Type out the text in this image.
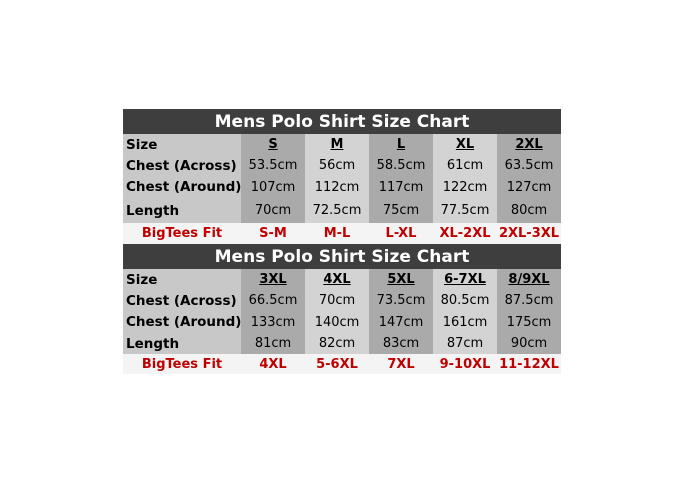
Mens Polo Shirt Size Chart					
Size	S	M	L	XL	2XL
Chest (Across)	53.5cm	56cm	58.5cm	61cm	63.5cm
Chest (Around)	107cm	112cm	117cm	122cm	127cm
Length	70cm	72.5cm	75cm	77.5cm	80cm
BigTees Fit	S-M	M-L	L-XL	XL-2XL	2XL-3XL
Mens Polo Shirt Size Chart					
Size	3XL	4XL	5XL	6-7XL	8/9XL
Chest (Across)	66.5cm	70cm	73.5cm	80.5cm	87.5cm
Chest (Around)	133cm	140cm	147cm	161cm	175cm
Length	81cm	82cm	83cm	87cm	90cm
BigTees Fit	4XL	5-6XL	7XL	9-10XL	11-12XL
